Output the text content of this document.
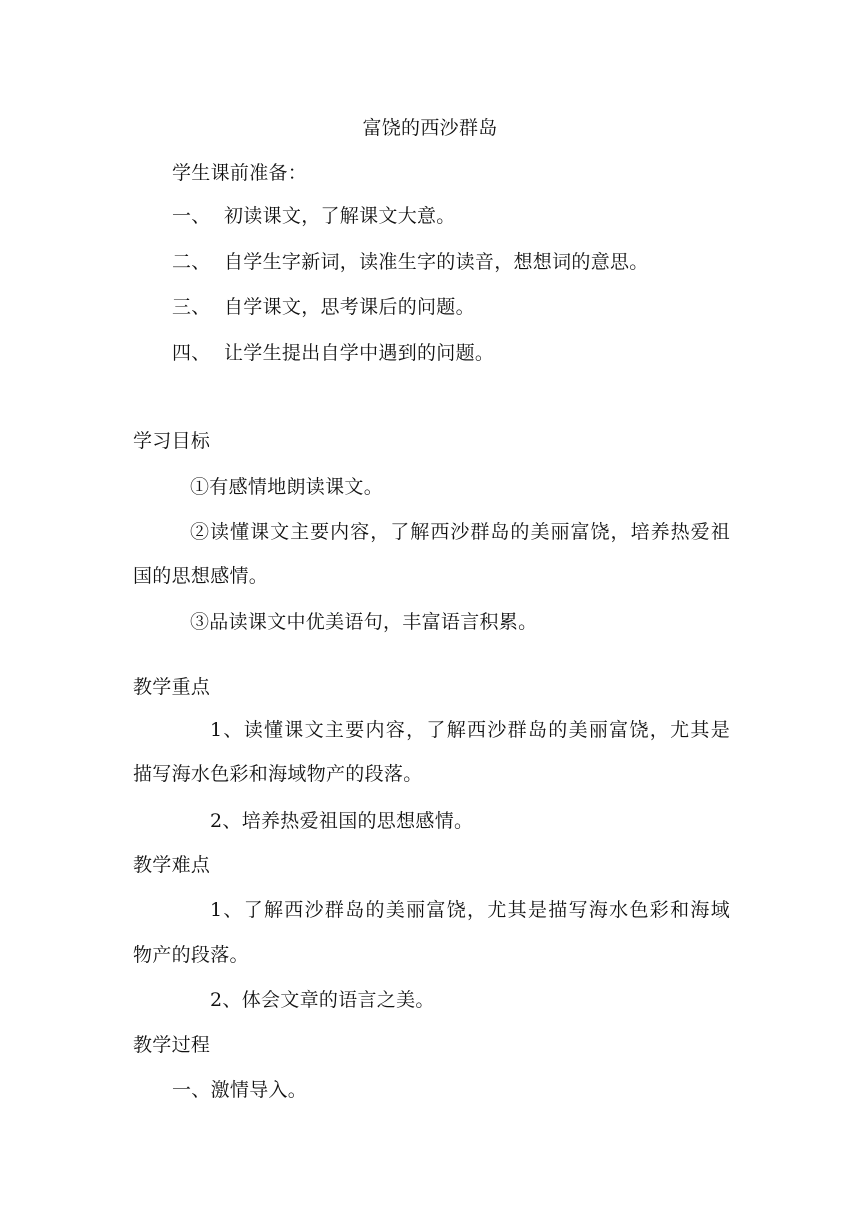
富饶的西沙群岛
学生课前准备：
一、 初读课文，了解课文大意。
二、 自学生字新词，读准生字的读音，想想词的意思。
三、 自学课文，思考课后的问题。
四、 让学生提出自学中遇到的问题。
学习目标
①有感情地朗读课文。
②读懂课文主要内容，了解西沙群岛的美丽富饶，培养热爱祖
国的思想感情。
③品读课文中优美语句，丰富语言积累。
教学重点
1、读懂课文主要内容，了解西沙群岛的美丽富饶，尤其是
描写海水色彩和海域物产的段落。
2、培养热爱祖国的思想感情。
教学难点
1、了解西沙群岛的美丽富饶，尤其是描写海水色彩和海域
物产的段落。
2、体会文章的语言之美。
教学过程
一、激情导入。
